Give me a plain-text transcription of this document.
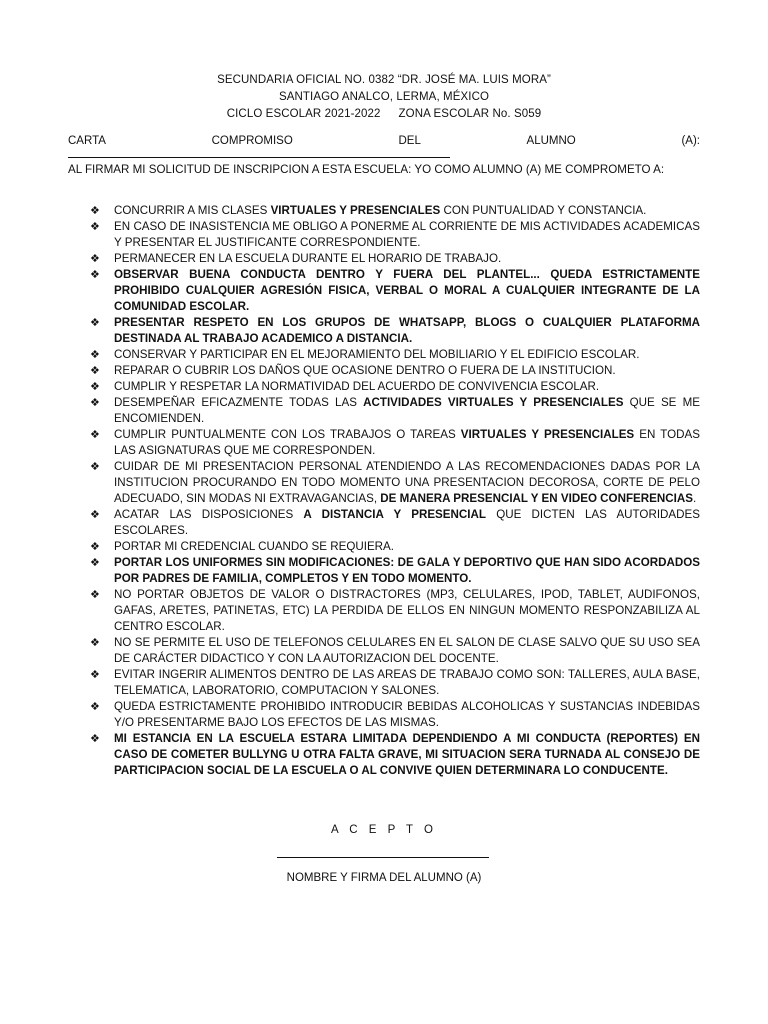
SECUNDARIA OFICIAL NO. 0382 “DR. JOSÉ MA. LUIS MORA”
SANTIAGO ANALCO, LERMA, MÉXICO
CICLO ESCOLAR 2021-2022 ZONA ESCOLAR No. S059
CARTA	COMPROMISO	DEL	ALUMNO	(A):
AL FIRMAR MI SOLICITUD DE INSCRIPCION A ESTA ESCUELA: YO COMO ALUMNO (A) ME COMPROMETO A:
❖	CONCURRIR A MIS CLASES VIRTUALES Y PRESENCIALES CON PUNTUALIDAD Y CONSTANCIA.
❖	EN CASO DE INASISTENCIA ME OBLIGO A PONERME AL CORRIENTE DE MIS ACTIVIDADES ACADEMICAS Y PRESENTAR EL JUSTIFICANTE CORRESPONDIENTE.
❖	PERMANECER EN LA ESCUELA DURANTE EL HORARIO DE TRABAJO.
❖	OBSERVAR BUENA CONDUCTA DENTRO Y FUERA DEL PLANTEL... QUEDA ESTRICTAMENTE PROHIBIDO CUALQUIER AGRESIÓN FISICA, VERBAL O MORAL A CUALQUIER INTEGRANTE DE LA COMUNIDAD ESCOLAR.
❖	PRESENTAR RESPETO EN LOS GRUPOS DE WHATSAPP, BLOGS O CUALQUIER PLATAFORMA DESTINADA AL TRABAJO ACADEMICO A DISTANCIA.
❖	CONSERVAR Y PARTICIPAR EN EL MEJORAMIENTO DEL MOBILIARIO Y EL EDIFICIO ESCOLAR.
❖	REPARAR O CUBRIR LOS DAÑOS QUE OCASIONE DENTRO O FUERA DE LA INSTITUCION.
❖	CUMPLIR Y RESPETAR LA NORMATIVIDAD DEL ACUERDO DE CONVIVENCIA ESCOLAR.
❖	DESEMPEÑAR EFICAZMENTE TODAS LAS ACTIVIDADES VIRTUALES Y PRESENCIALES QUE SE ME ENCOMIENDEN.
❖	CUMPLIR PUNTUALMENTE CON LOS TRABAJOS O TAREAS VIRTUALES Y PRESENCIALES EN TODAS LAS ASIGNATURAS QUE ME CORRESPONDEN.
❖	CUIDAR DE MI PRESENTACION PERSONAL ATENDIENDO A LAS RECOMENDACIONES DADAS POR LA INSTITUCION PROCURANDO EN TODO MOMENTO UNA PRESENTACION DECOROSA, CORTE DE PELO ADECUADO, SIN MODAS NI EXTRAVAGANCIAS, DE MANERA PRESENCIAL Y EN VIDEO CONFERENCIAS.
❖	ACATAR LAS DISPOSICIONES A DISTANCIA Y PRESENCIAL QUE DICTEN LAS AUTORIDADES ESCOLARES.
❖	PORTAR MI CREDENCIAL CUANDO SE REQUIERA.
❖	PORTAR LOS UNIFORMES SIN MODIFICACIONES: DE GALA Y DEPORTIVO QUE HAN SIDO ACORDADOS POR PADRES DE FAMILIA, COMPLETOS Y EN TODO MOMENTO.
❖	NO PORTAR OBJETOS DE VALOR O DISTRACTORES (MP3, CELULARES, IPOD, TABLET, AUDIFONOS, GAFAS, ARETES, PATINETAS, ETC) LA PERDIDA DE ELLOS EN NINGUN MOMENTO RESPONZABILIZA AL CENTRO ESCOLAR.
❖	NO SE PERMITE EL USO DE TELEFONOS CELULARES EN EL SALON DE CLASE SALVO QUE SU USO SEA DE CARÁCTER DIDACTICO Y CON LA AUTORIZACION DEL DOCENTE.
❖	EVITAR INGERIR ALIMENTOS DENTRO DE LAS AREAS DE TRABAJO COMO SON: TALLERES, AULA BASE, TELEMATICA, LABORATORIO, COMPUTACION Y SALONES.
❖	QUEDA ESTRICTAMENTE PROHIBIDO INTRODUCIR BEBIDAS ALCOHOLICAS Y SUSTANCIAS INDEBIDAS Y/O PRESENTARME BAJO LOS EFECTOS DE LAS MISMAS.
❖	MI ESTANCIA EN LA ESCUELA ESTARA LIMITADA DEPENDIENDO A MI CONDUCTA (REPORTES) EN CASO DE COMETER BULLYNG U OTRA FALTA GRAVE, MI SITUACION SERA TURNADA AL CONSEJO DE PARTICIPACION SOCIAL DE LA ESCUELA O AL CONVIVE QUIEN DETERMINARA LO CONDUCENTE.
A C E P T O
NOMBRE Y FIRMA DEL ALUMNO (A)
